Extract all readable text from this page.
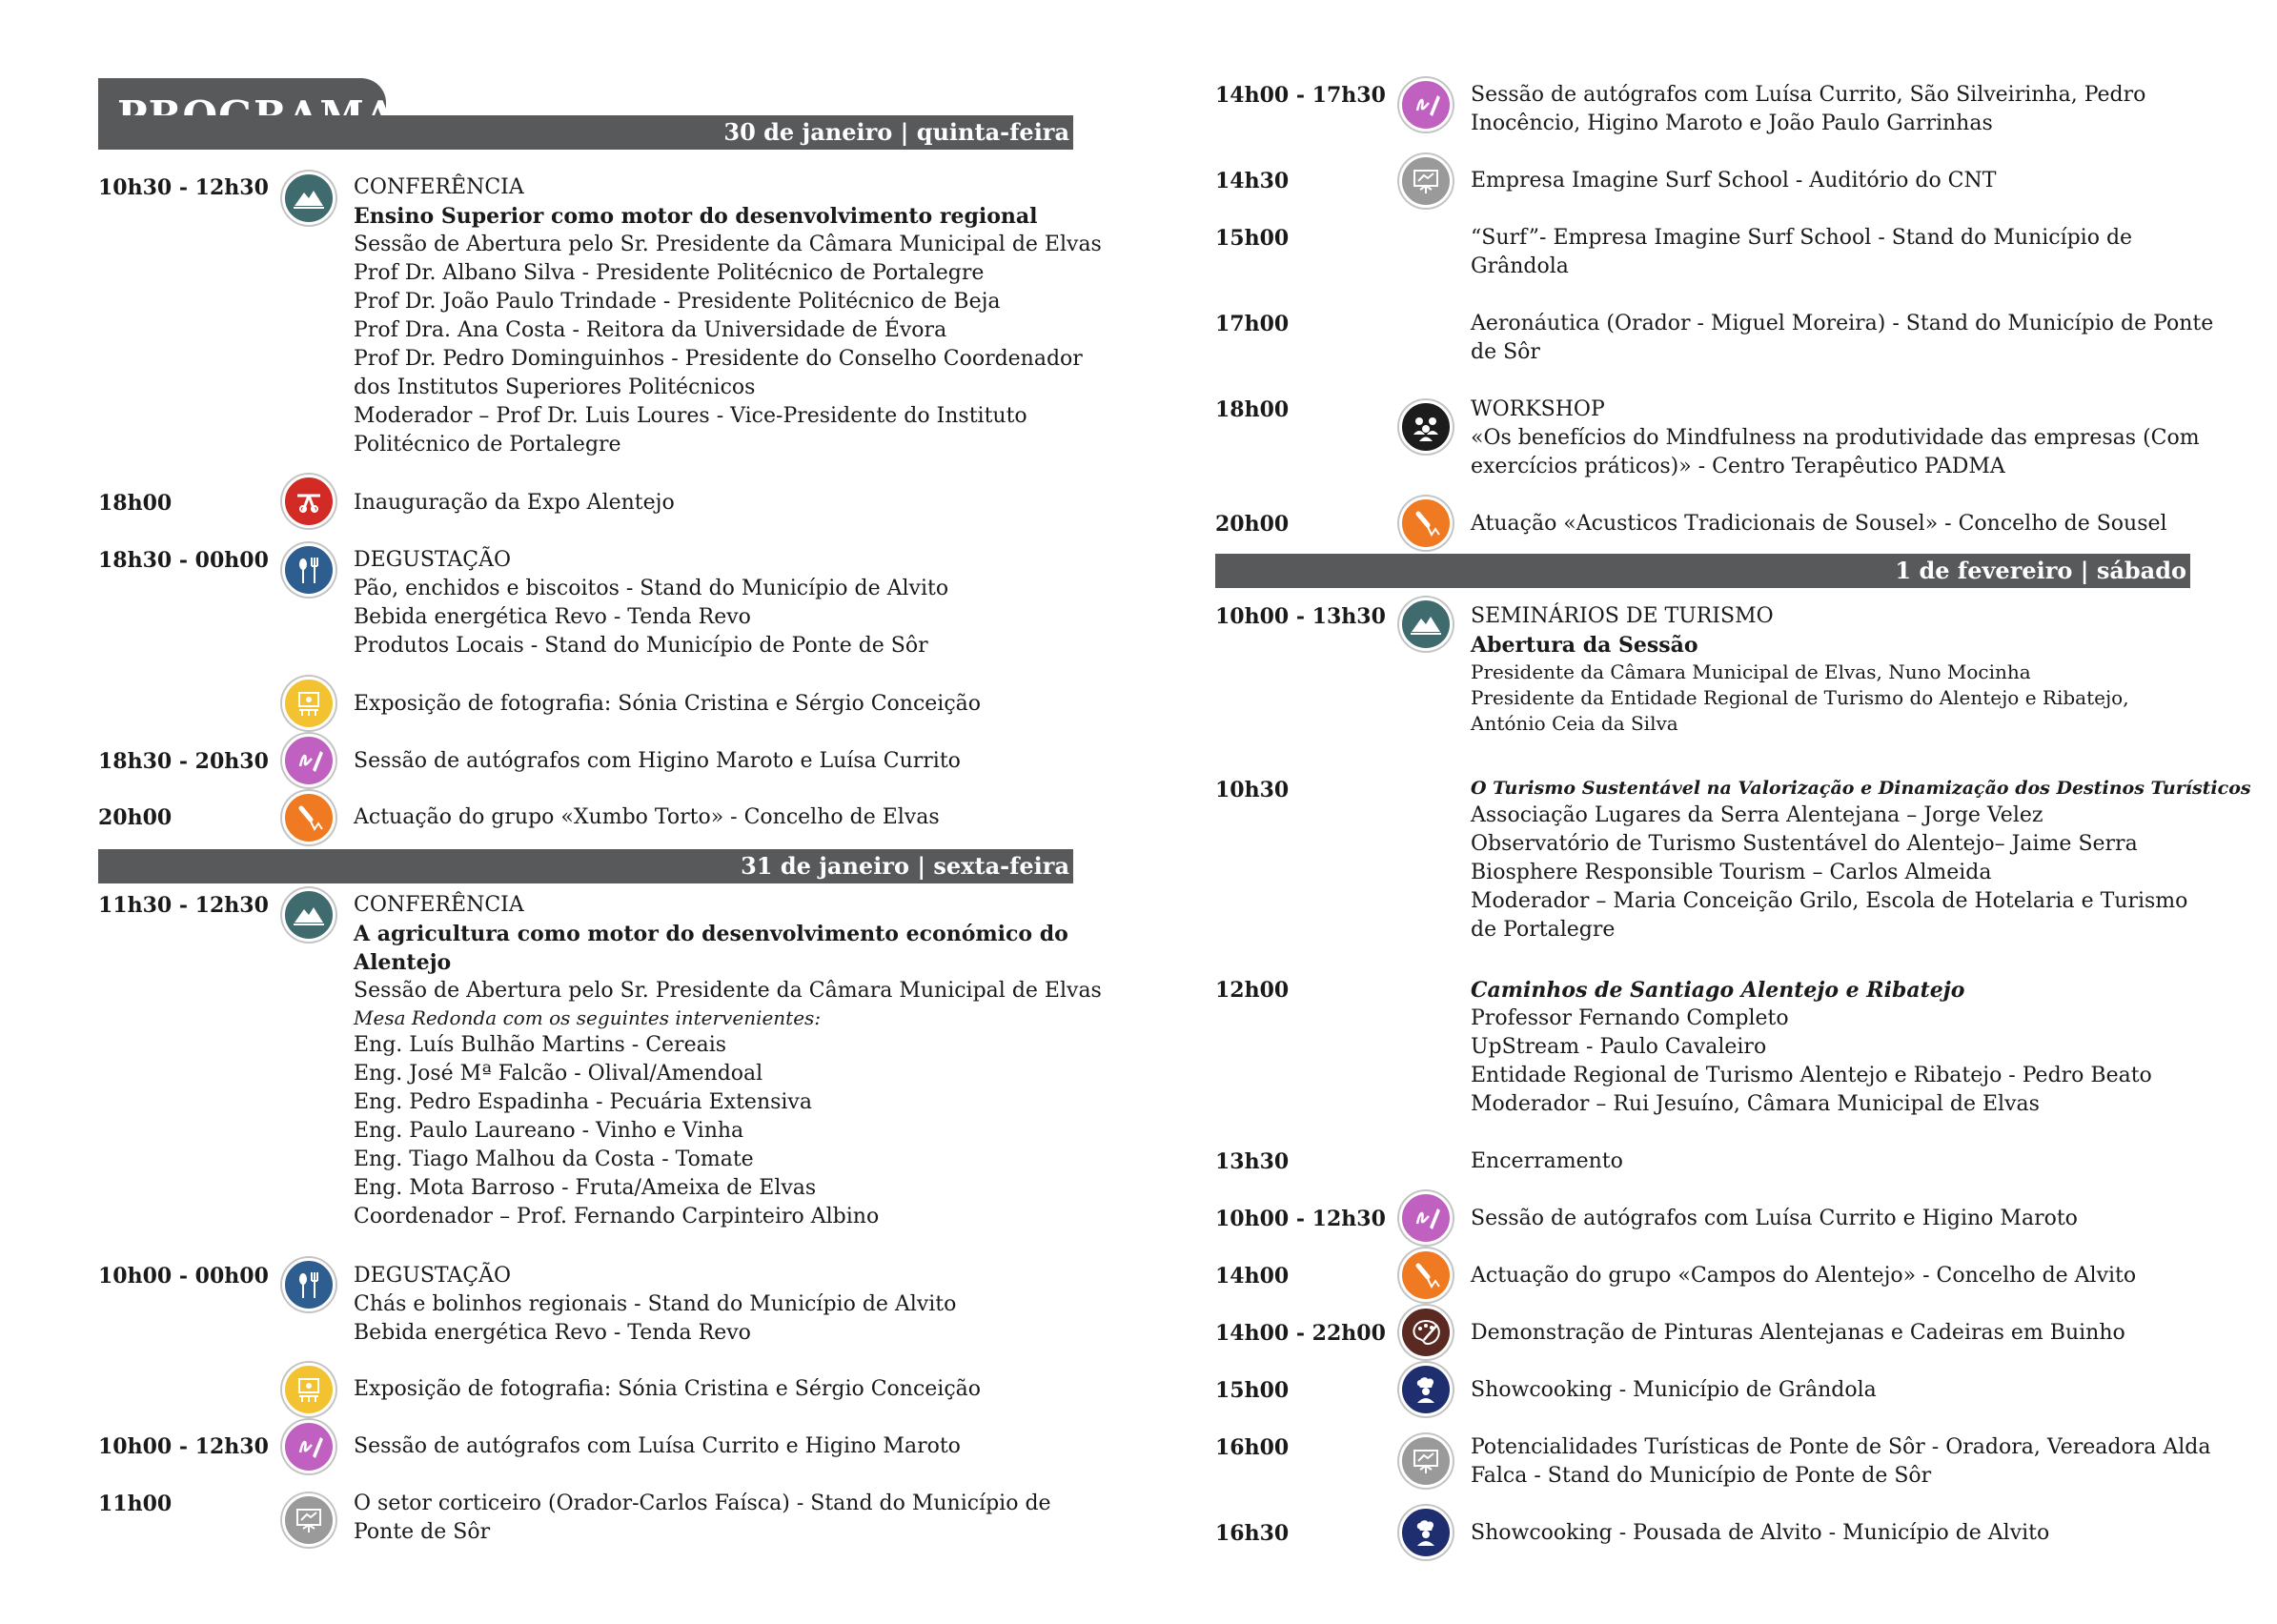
30 de janeiro | quinta-feira
10h30 - 12h30	CONFERÊNCIA
Ensino Superior como motor do desenvolvimento regional
Sessão de Abertura pelo Sr. Presidente da Câmara Municipal de Elvas
Prof Dr. Albano Silva - Presidente Politécnico de Portalegre
Prof Dr. João Paulo Trindade - Presidente Politécnico de Beja
Prof Dra. Ana Costa - Reitora da Universidade de Évora
Prof Dr. Pedro Dominguinhos - Presidente do Conselho Coordenador
dos Institutos Superiores Politécnicos
Moderador – Prof Dr. Luis Loures - Vice-Presidente do Instituto
Politécnico de Portalegre
18h00	Inauguração da Expo Alentejo
18h30 - 00h00	DEGUSTAÇÃO
Pão, enchidos e biscoitos - Stand do Município de Alvito
Bebida energética Revo - Tenda Revo
Produtos Locais - Stand do Município de Ponte de Sôr
Exposição de fotografia: Sónia Cristina e Sérgio Conceição
18h30 - 20h30	Sessão de autógrafos com Higino Maroto e Luísa Currito
20h00	Actuação do grupo «Xumbo Torto» - Concelho de Elvas
31 de janeiro | sexta-feira
11h30 - 12h30	CONFERÊNCIA
A agricultura como motor do desenvolvimento económico do
Alentejo
Sessão de Abertura pelo Sr. Presidente da Câmara Municipal de Elvas
Mesa Redonda com os seguintes intervenientes:
Eng. Luís Bulhão Martins - Cereais
Eng. José Mª Falcão - Olival/Amendoal
Eng. Pedro Espadinha - Pecuária Extensiva
Eng. Paulo Laureano - Vinho e Vinha
Eng. Tiago Malhou da Costa - Tomate
Eng. Mota Barroso - Fruta/Ameixa de Elvas
Coordenador – Prof. Fernando Carpinteiro Albino
10h00 - 00h00	DEGUSTAÇÃO
Chás e bolinhos regionais - Stand do Município de Alvito
Bebida energética Revo - Tenda Revo
Exposição de fotografia: Sónia Cristina e Sérgio Conceição
10h00 - 12h30	Sessão de autógrafos com Luísa Currito e Higino Maroto
11h00	O setor corticeiro (Orador-Carlos Faísca) - Stand do Município de
Ponte de Sôr
14h00 - 17h30	Sessão de autógrafos com Luísa Currito, São Silveirinha, Pedro
Inocêncio, Higino Maroto e João Paulo Garrinhas
14h30	Empresa Imagine Surf School - Auditório do CNT
15h00	“Surf”- Empresa Imagine Surf School - Stand do Município de
Grândola
17h00	Aeronáutica (Orador - Miguel Moreira) - Stand do Município de Ponte
de Sôr
18h00	WORKSHOP
«Os benefícios do Mindfulness na produtividade das empresas (Com
exercícios práticos)» - Centro Terapêutico PADMA
20h00	Atuação «Acusticos Tradicionais de Sousel» - Concelho de Sousel
1 de fevereiro | sábado
10h00 - 13h30	SEMINÁRIOS DE TURISMO
Abertura da Sessão
Presidente da Câmara Municipal de Elvas, Nuno Mocinha
Presidente da Entidade Regional de Turismo do Alentejo e Ribatejo,
António Ceia da Silva
10h30	O Turismo Sustentável na Valorização e Dinamização dos Destinos Turísticos
Associação Lugares da Serra Alentejana – Jorge Velez
Observatório de Turismo Sustentável do Alentejo– Jaime Serra
Biosphere Responsible Tourism – Carlos Almeida
Moderador – Maria Conceição Grilo, Escola de Hotelaria e Turismo
de Portalegre
12h00	Caminhos de Santiago Alentejo e Ribatejo
Professor Fernando Completo
UpStream - Paulo Cavaleiro
Entidade Regional de Turismo Alentejo e Ribatejo - Pedro Beato
Moderador – Rui Jesuíno, Câmara Municipal de Elvas
13h30	Encerramento
10h00 - 12h30	Sessão de autógrafos com Luísa Currito e Higino Maroto
14h00	Actuação do grupo «Campos do Alentejo» - Concelho de Alvito
14h00 - 22h00	Demonstração de Pinturas Alentejanas e Cadeiras em Buinho
15h00	Showcooking - Município de Grândola
16h00	Potencialidades Turísticas de Ponte de Sôr - Oradora, Vereadora Alda
Falca - Stand do Município de Ponte de Sôr
16h30	Showcooking - Pousada de Alvito - Município de Alvito
